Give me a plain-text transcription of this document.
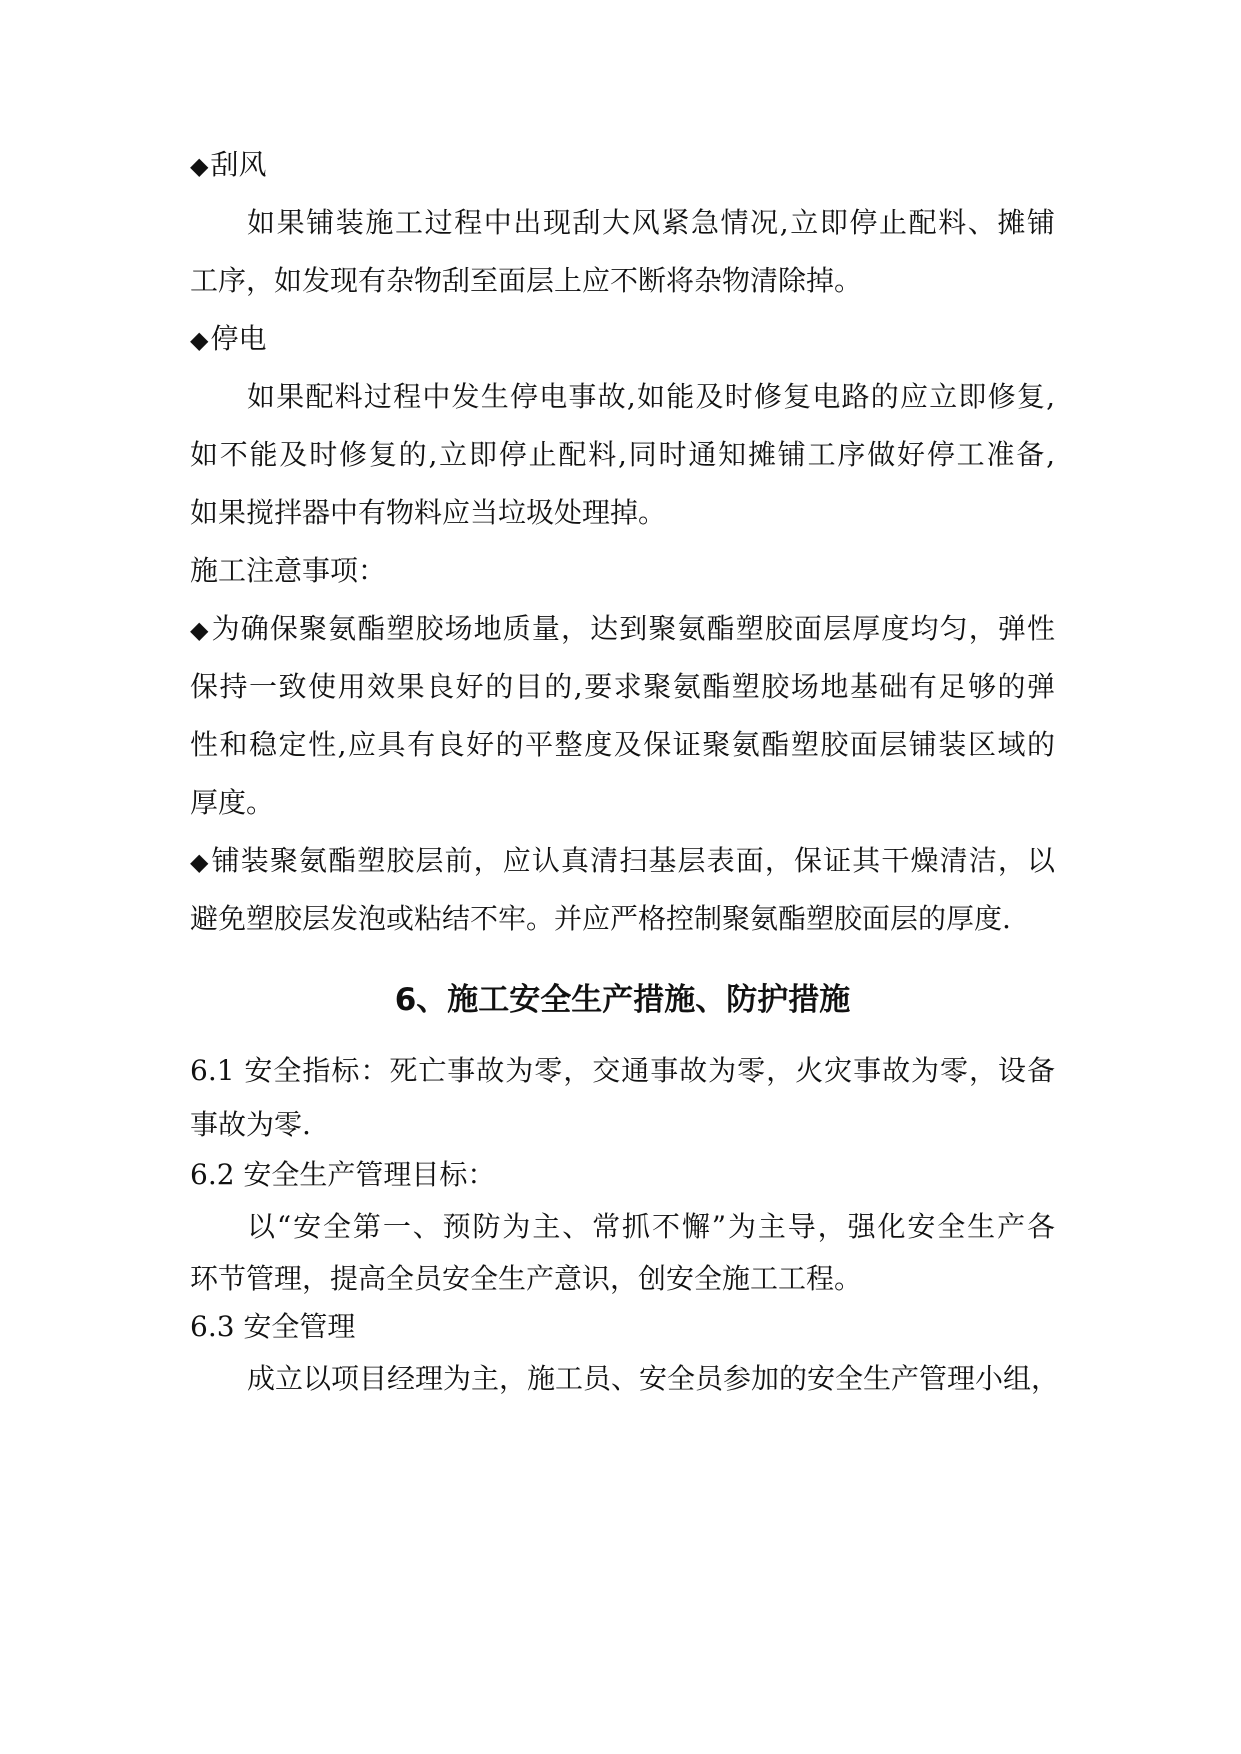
◆刮风
如果铺装施工过程中出现刮大风紧急情况,立即停止配料、摊铺
工序，如发现有杂物刮至面层上应不断将杂物清除掉。
◆停电
如果配料过程中发生停电事故,如能及时修复电路的应立即修复,
如不能及时修复的,立即停止配料,同时通知摊铺工序做好停工准备,
如果搅拌器中有物料应当垃圾处理掉。
施工注意事项：
◆为确保聚氨酯塑胶场地质量，达到聚氨酯塑胶面层厚度均匀，弹性
保持一致使用效果良好的目的,要求聚氨酯塑胶场地基础有足够的弹
性和稳定性,应具有良好的平整度及保证聚氨酯塑胶面层铺装区域的
厚度。
◆铺装聚氨酯塑胶层前，应认真清扫基层表面，保证其干燥清洁，以
避免塑胶层发泡或粘结不牢。并应严格控制聚氨酯塑胶面层的厚度.
6、施工安全生产措施、防护措施
6.1 安全指标：死亡事故为零，交通事故为零，火灾事故为零，设备
事故为零.
6.2 安全生产管理目标：
以“安全第一、预防为主、常抓不懈”为主导，强化安全生产各
环节管理，提高全员安全生产意识，创安全施工工程。
6.3 安全管理
成立以项目经理为主，施工员、安全员参加的安全生产管理小组，
